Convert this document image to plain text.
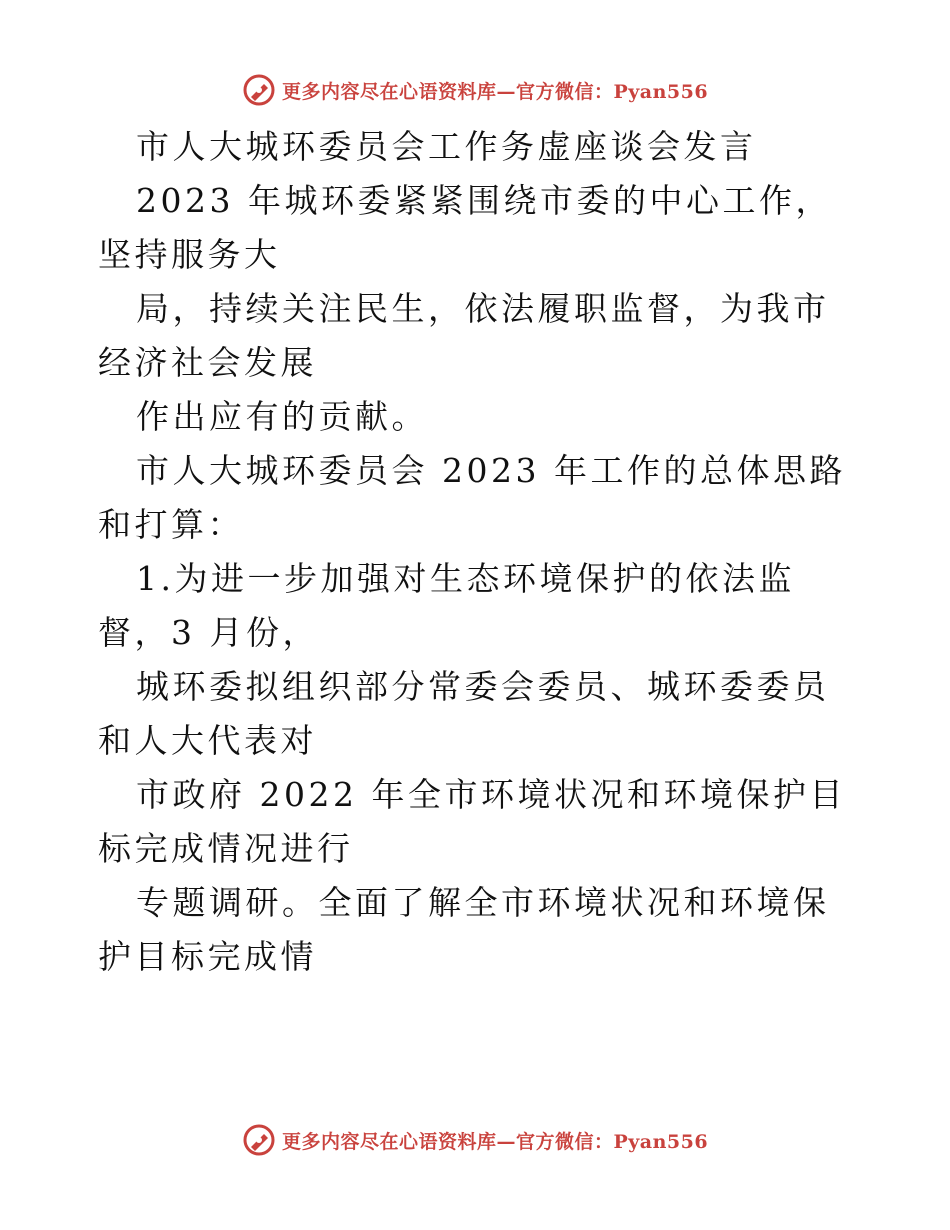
更多内容尽在心语资料库—官方微信：Pyan556

市人大城环委员会工作务虚座谈会发言

2023 年城环委紧紧围绕市委的中心工作，坚持服务大

局，持续关注民生，依法履职监督，为我市经济社会发展

作出应有的贡献。

市人大城环委员会 2023 年工作的总体思路和打算：

1.为进一步加强对生态环境保护的依法监督，3 月份，

城环委拟组织部分常委会委员、城环委委员和人大代表对

市政府 2022 年全市环境状况和环境保护目标完成情况进行

专题调研。全面了解全市环境状况和环境保护目标完成情

更多内容尽在心语资料库—官方微信：Pyan556
